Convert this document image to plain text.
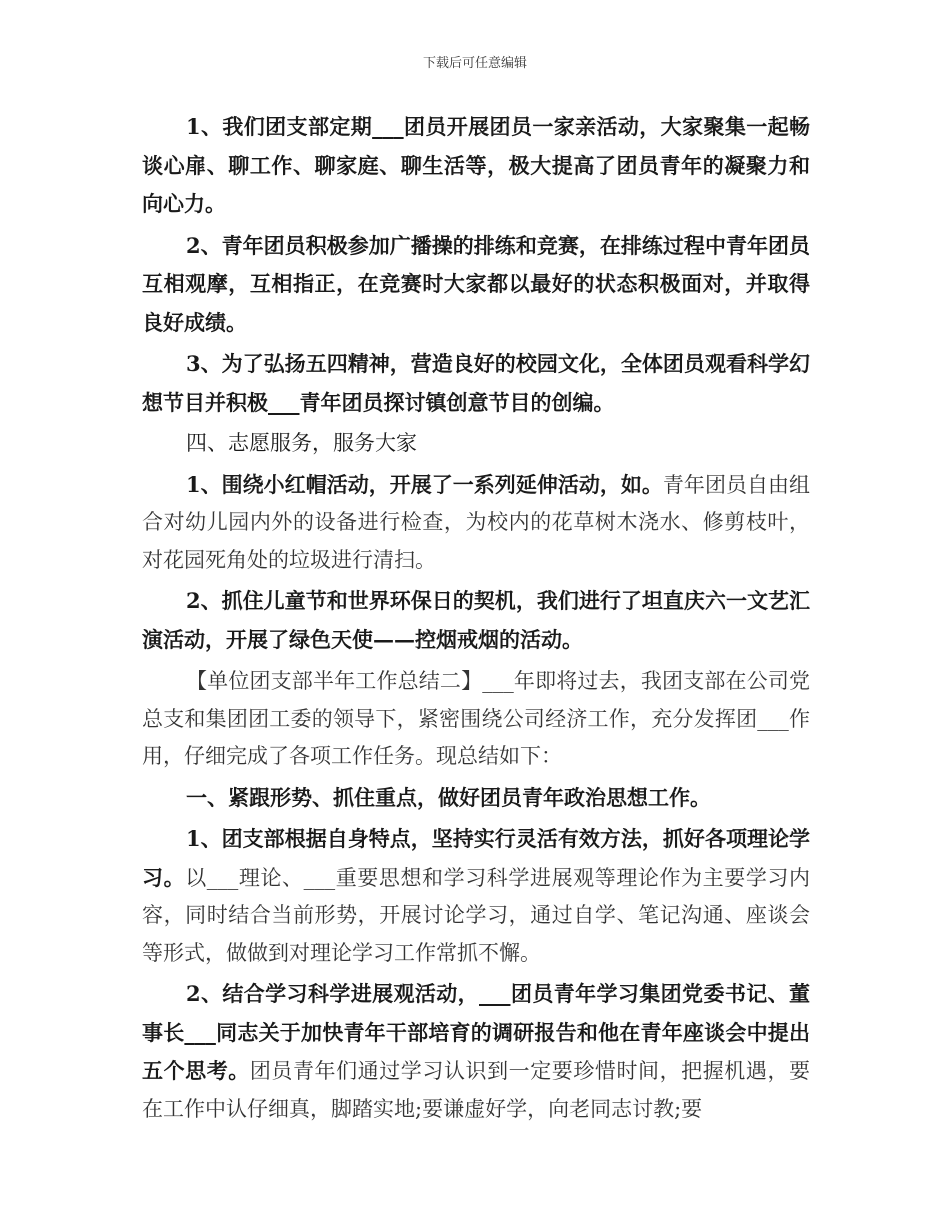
下载后可任意编辑

1、我们团支部定期___团员开展团员一家亲活动，大家聚集一起畅谈心扉、聊工作、聊家庭、聊生活等，极大提高了团员青年的凝聚力和向心力。

2、青年团员积极参加广播操的排练和竞赛，在排练过程中青年团员互相观摩，互相指正，在竞赛时大家都以最好的状态积极面对，并取得良好成绩。

3、为了弘扬五四精神，营造良好的校园文化，全体团员观看科学幻想节目并积极___青年团员探讨镇创意节目的创编。

四、志愿服务，服务大家

1、围绕小红帽活动，开展了一系列延伸活动，如。青年团员自由组合对幼儿园内外的设备进行检查，为校内的花草树木浇水、修剪枝叶，对花园死角处的垃圾进行清扫。

2、抓住儿童节和世界环保日的契机，我们进行了坦直庆六一文艺汇演活动，开展了绿色天使——控烟戒烟的活动。

【单位团支部半年工作总结二】___年即将过去，我团支部在公司党总支和集团团工委的领导下，紧密围绕公司经济工作，充分发挥团___作用，仔细完成了各项工作任务。现总结如下：

一、紧跟形势、抓住重点，做好团员青年政治思想工作。

1、团支部根据自身特点，坚持实行灵活有效方法，抓好各项理论学习。以___理论、___重要思想和学习科学进展观等理论作为主要学习内容，同时结合当前形势，开展讨论学习，通过自学、笔记沟通、座谈会等形式，做做到对理论学习工作常抓不懈。

2、结合学习科学进展观活动，___团员青年学习集团党委书记、董事长___同志关于加快青年干部培育的调研报告和他在青年座谈会中提出五个思考。团员青年们通过学习认识到一定要珍惜时间，把握机遇，要在工作中认仔细真，脚踏实地;要谦虚好学，向老同志讨教;要
